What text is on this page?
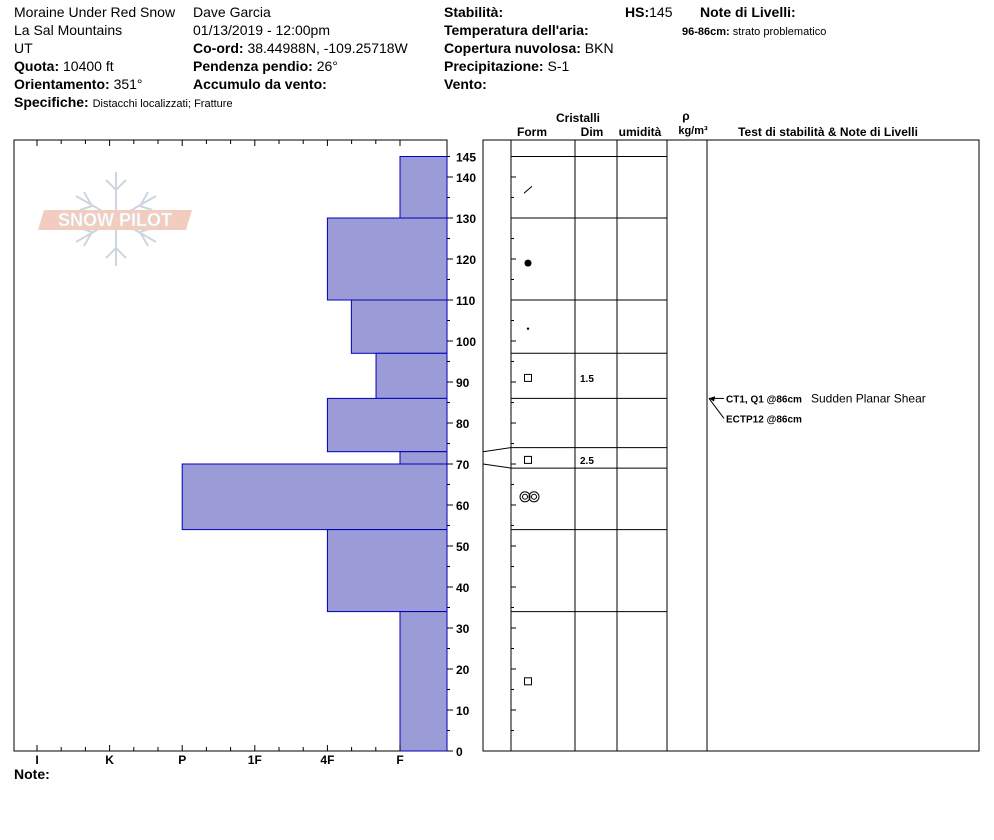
Moraine Under Red Snow
La Sal Mountains
UT
Quota: 10400 ft
Orientamento: 351°
Specifiche: Distacchi localizzati; Fratture
Dave Garcia
01/13/2019 - 12:00pm
Co-ord: 38.44988N, -109.25718W
Pendenza pendio: 26°
Accumulo da vento:
Stabilità:
Temperatura dell'aria:
Copertura nuvolosa: BKN
Precipitazione: S-1
Vento:
HS:145 Note di Livelli:
96-86cm: strato problematico
Note:
SNOW PILOT
0
10
20
30
40
50
60
70
80
90
100
110
120
130
140
145
I	K	P	1F	4F	F
1.5
2.5
CT1, Q1 @86cm Sudden Planar Shear
ECTP12 @86cm
Cristalli
Form	Dim umidità
ρ
kg/m³	Test di stabilità & Note di Livelli
